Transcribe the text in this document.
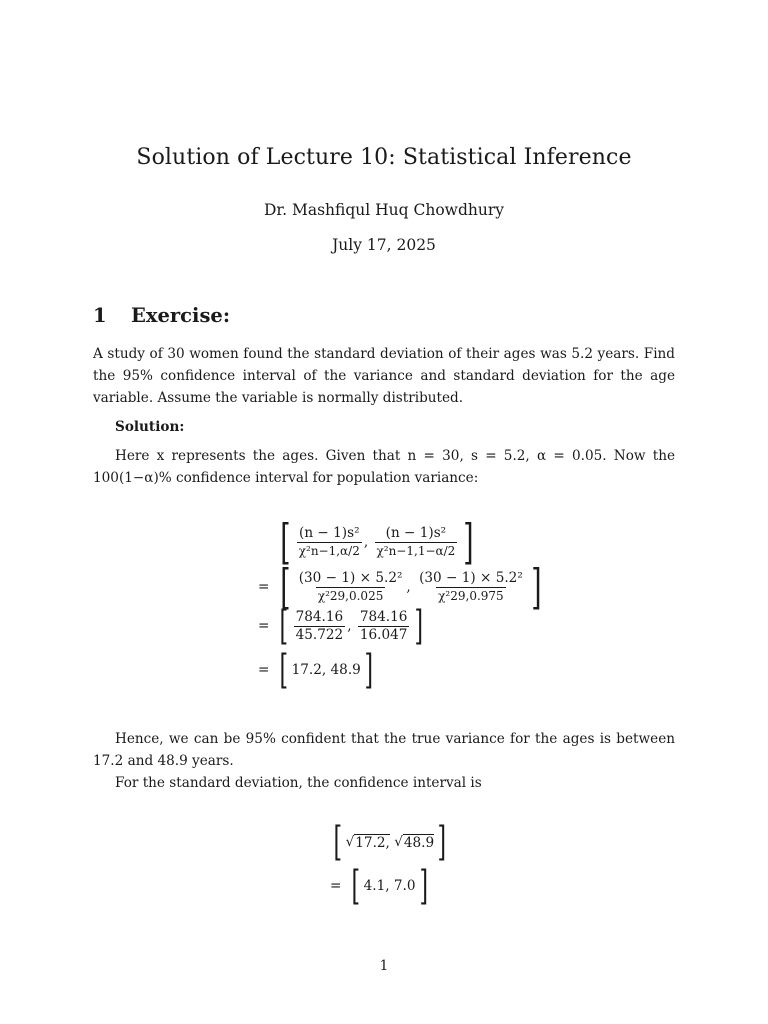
Solution of Lecture 10: Statistical Inference
Dr. Mashfiqul Huq Chowdhury
July 17, 2025
1 Exercise:
A study of 30 women found the standard deviation of their ages was 5.2 years. Find the 95% confidence interval of the variance and standard deviation for the age variable. Assume the variable is normally distributed.
Solution:
Here x represents the ages. Given that n = 30, s = 5.2, α = 0.05. Now the 100(1−α)% confidence interval for population variance:
[ $\frac{\text{(n − 1)s²}}{\text{χ²n−1,α/2}}$ , $\frac{\text{(n − 1)s²}}{\text{χ²n−1,1−α/2}}$ ]
= [ $\frac{\text{(30 − 1) × 5.2²}}{\text{χ²29,0.025}}$ , $\frac{\text{(30 − 1) × 5.2²}}{\text{χ²29,0.975}}$ ]
= [ $\frac{784.16}{45.722}$ , $\frac{784.16}{16.047}$ ]
= [ 17.2, 48.9 ]
Hence, we can be 95% confident that the true variance for the ages is between 17.2 and 48.9 years.
For the standard deviation, the confidence interval is
[ √ 17.2,
√ 48.9 ]
= [ 4.1, 7.0 ]
1
